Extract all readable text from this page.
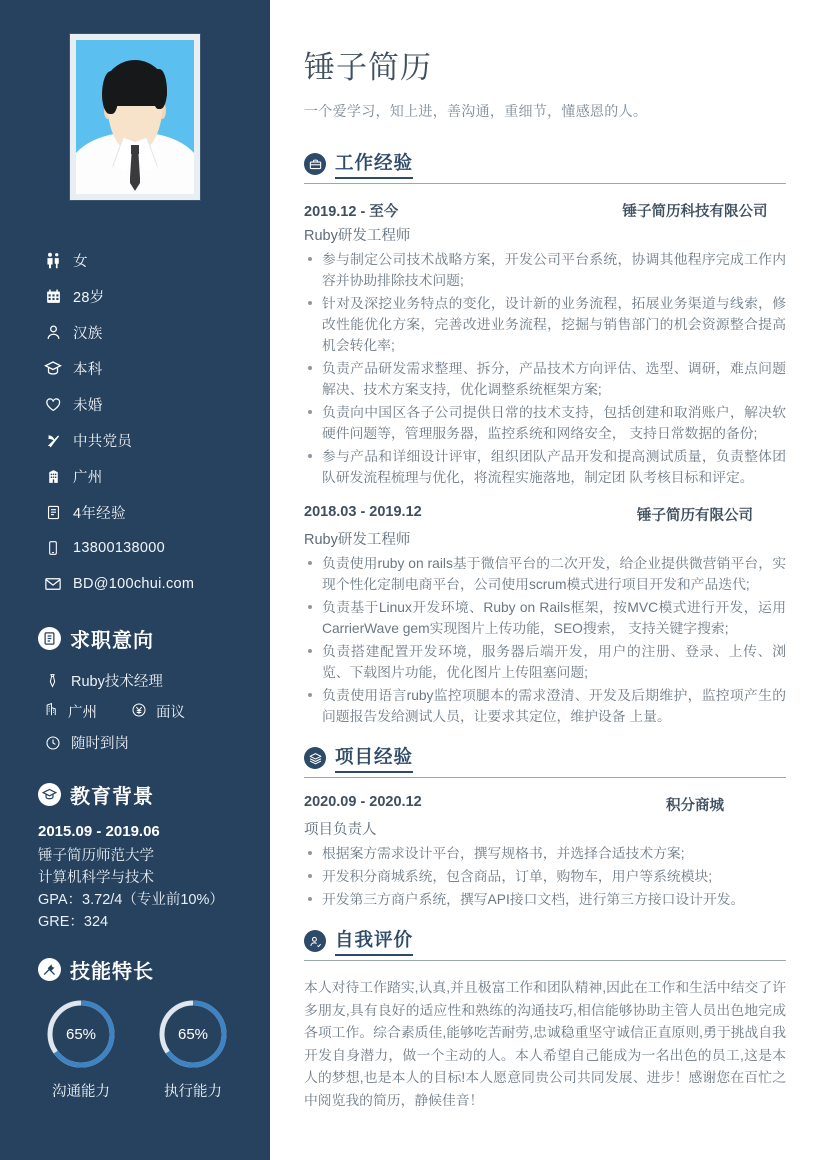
女
28岁
汉族
本科
未婚
中共党员
广州
4年经验
13800138000
BD@100chui.com
求职意向
Ruby技术经理
广州	面议
随时到岗
教育背景
2015.09 - 2019.06
锤子简历师范大学
计算机科学与技术
GPA：3.72/4（专业前10%）
GRE：324
技能特长
65%
沟通能力
65%
执行能力
锤子简历
一个爱学习，知上进，善沟通，重细节，懂感恩的人。
工作经验
2019.12 - 至今	锤子简历科技有限公司
Ruby研发工程师
参与制定公司技术战略方案，开发公司平台系统，协调其他程序完成工作内容并协助排除技术问题;
针对及深挖业务特点的变化，设计新的业务流程，拓展业务渠道与线索，修改性能优化方案，完善改进业务流程，挖掘与销售部门的机会资源整合提高机会转化率;
负责产品研发需求整理、拆分，产品技术方向评估、选型、调研，难点问题解决、技术方案支持，优化调整系统框架方案;
负责向中国区各子公司提供日常的技术支持，包括创建和取消账户，解决软硬件问题等，管理服务器，监控系统和网络安全， 支持日常数据的备份;
参与产品和详细设计评审，组织团队产品开发和提高测试质量，负责整体团队研发流程梳理与优化，将流程实施落地，制定团 队考核目标和评定。
2018.03 - 2019.12	锤子简历有限公司
Ruby研发工程师
负责使用ruby on rails基于微信平台的二次开发，给企业提供微营销平台，实现个性化定制电商平台，公司使用scrum模式进行项目开发和产品迭代;
负责基于Linux开发环境、Ruby on Rails框架，按MVC模式进行开发，运用CarrierWave gem实现图片上传功能，SEO搜索， 支持关键字搜索;
负责搭建配置开发环境，服务器后端开发，用户的注册、登录、上传、浏览、下载图片功能，优化图片上传阻塞问题;
负责使用语言ruby监控项腿本的需求澄清、开发及后期维护，监控项产生的问题报告发给测试人员，让要求其定位，维护设备 上量。
项目经验
2020.09 - 2020.12	积分商城
项目负责人
根据案方需求设计平台，撰写规格书，并选择合适技术方案;
开发积分商城系统，包含商品，订单，购物车，用户等系统模块;
开发第三方商户系统，撰写API接口文档，进行第三方接口设计开发。
自我评价
本人对待工作踏实,认真,并且极富工作和团队精神,因此在工作和生活中结交了许多朋友,具有良好的适应性和熟练的沟通技巧,相信能够协助主管人员出色地完成各项工作。综合素质佳,能够吃苦耐劳,忠诚稳重坚守诚信正直原则,勇于挑战自我开发自身潜力，做一个主动的人。本人希望自己能成为一名出色的员工,这是本人的梦想,也是本人的目标!本人愿意同贵公司共同发展、进步！感谢您在百忙之中阅览我的简历，静候佳音！
